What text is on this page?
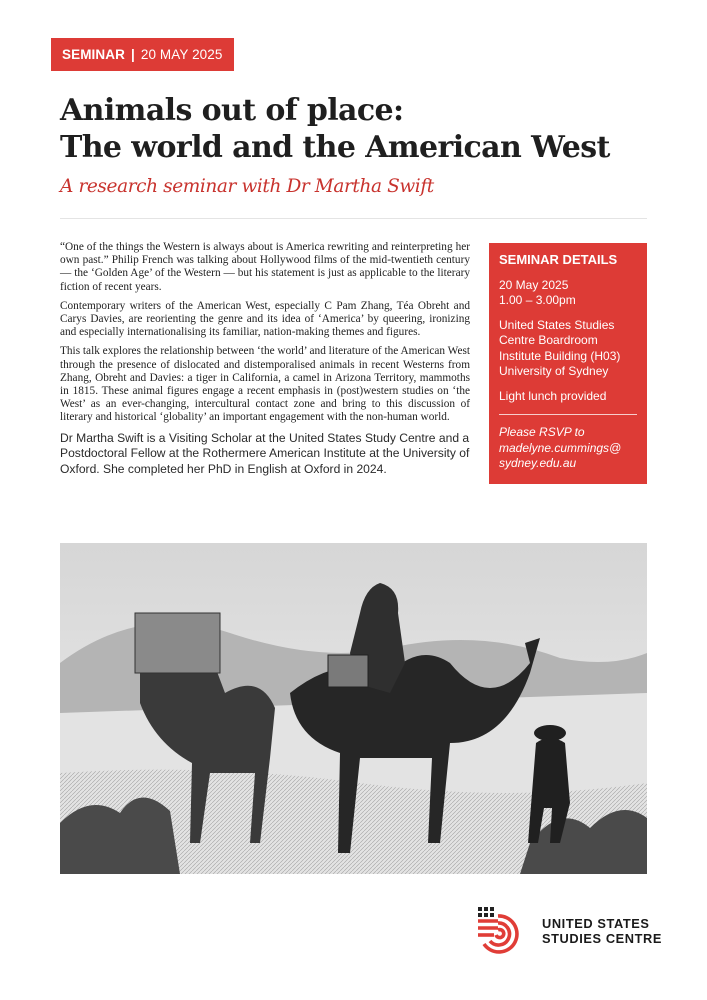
SEMINAR | 20 MAY 2025
Animals out of place:
The world and the American West
A research seminar with Dr Martha Swift

“One of the things the Western is always about is America rewriting and reinterpreting her own past.” Philip French was talking about Hollywood films of the mid-twentieth century — the ‘Golden Age’ of the Western — but his statement is just as applicable to the literary fiction of recent years.

Contemporary writers of the American West, especially C Pam Zhang, Téa Obreht and Carys Davies, are reorienting the genre and its idea of ‘America’ by queering, ironizing and especially internationalising its familiar, nation-making themes and figures.

This talk explores the relationship between ‘the world’ and literature of the American West through the presence of dislocated and distemporalised animals in recent Westerns from Zhang, Obreht and Davies: a tiger in California, a camel in Arizona Territory, mammoths in 1815. These animal figures engage a recent emphasis in (post)western studies on ‘the West’ as an ever-changing, intercultural contact zone and bring to this discussion of literary and historical ‘globality’ an important engagement with the non-human world.

Dr Martha Swift is a Visiting Scholar at the United States Study Centre and a Postdoctoral Fellow at the Rothermere American Institute at the University of Oxford. She completed her PhD in English at Oxford in 2024.

SEMINAR DETAILS
20 May 2025
1.00 – 3.00pm
United States Studies
Centre Boardroom
Institute Building (H03)
University of Sydney
Light lunch provided
Please RSVP to
madelyne.cummings@
sydney.edu.au
UNITED STATES
STUDIES CENTRE
